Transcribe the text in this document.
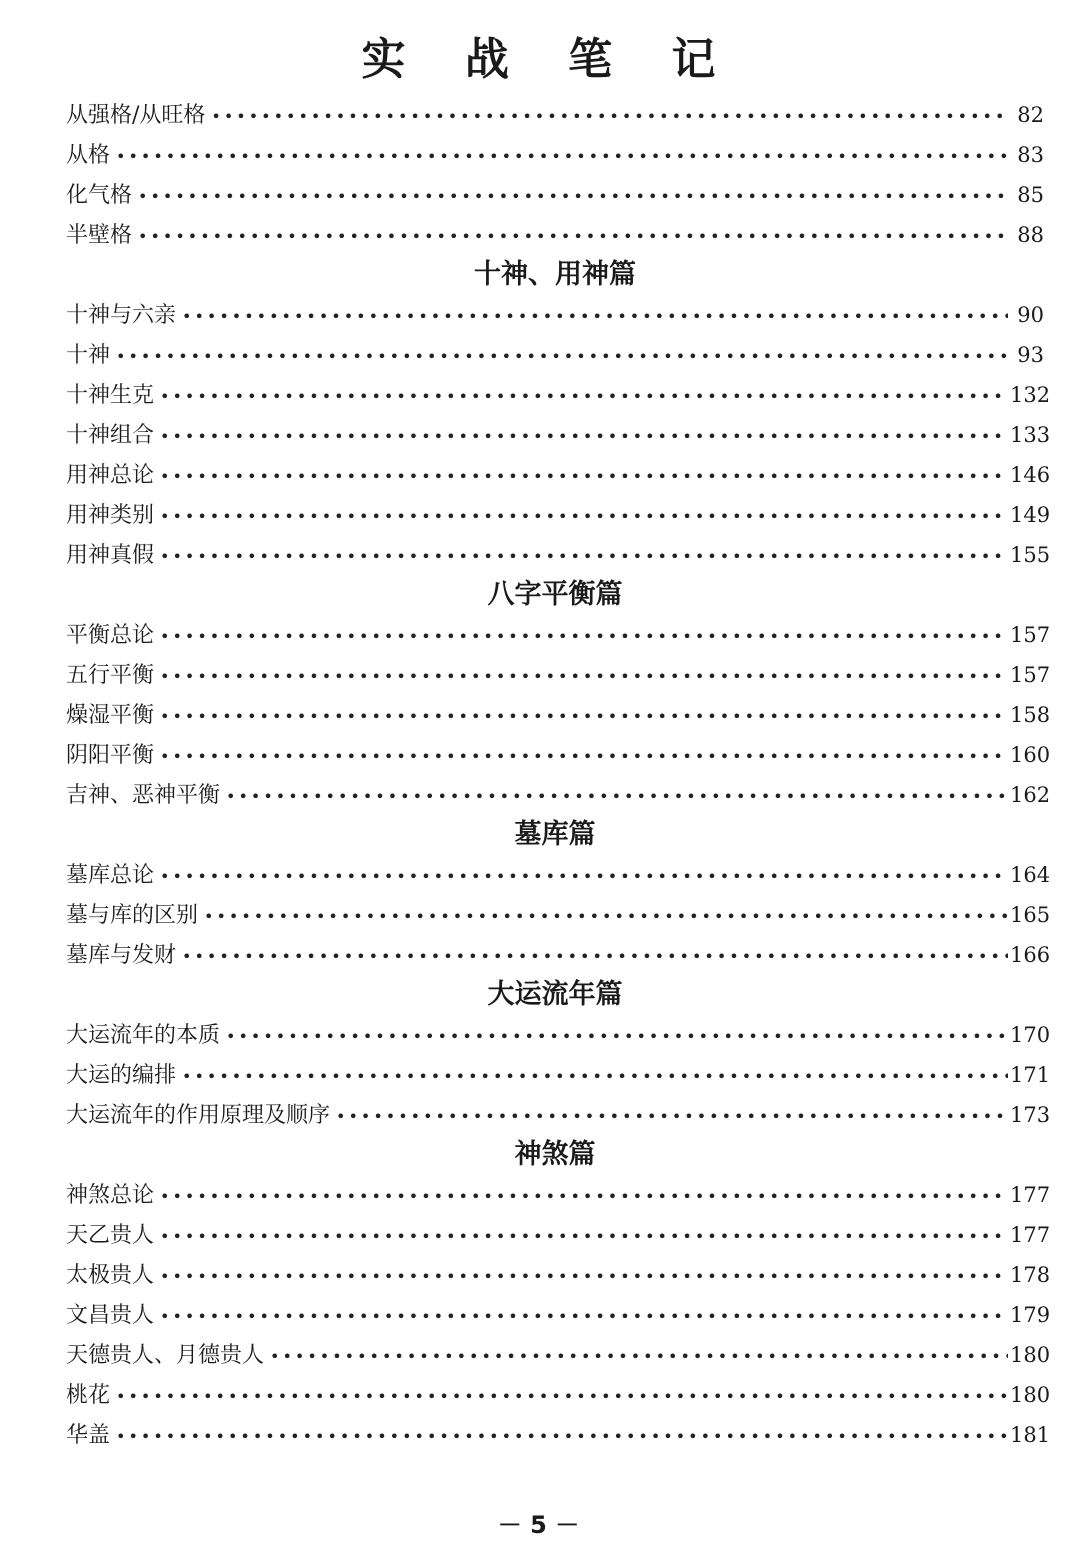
实 战 笔 记
从强格/从旺格 •••••	82
从格 •••••	83
化气格 •••••	85
半壁格 •••••	88
十神、用神篇
十神与六亲 •••••	90
十神 •••••	93
十神生克 •••••	132
十神组合 •••••	133
用神总论 •••••	146
用神类别 •••••	149
用神真假 •••••	155
八字平衡篇
平衡总论 •••••	157
五行平衡 •••••	157
燥湿平衡 •••••	158
阴阳平衡 •••••	160
吉神、恶神平衡 •••••	162
墓库篇
墓库总论 •••••	164
墓与库的区别 •••••	165
墓库与发财 •••••	166
大运流年篇
大运流年的本质 •••••	170
大运的编排 •••••	171
大运流年的作用原理及顺序 •••••	173
神煞篇
神煞总论 •••••	177
天乙贵人 •••••	177
太极贵人 •••••	178
文昌贵人 •••••	179
天德贵人、月德贵人 •••••	180
桃花 •••••	180
华盖 •••••	181
－ 5 －
